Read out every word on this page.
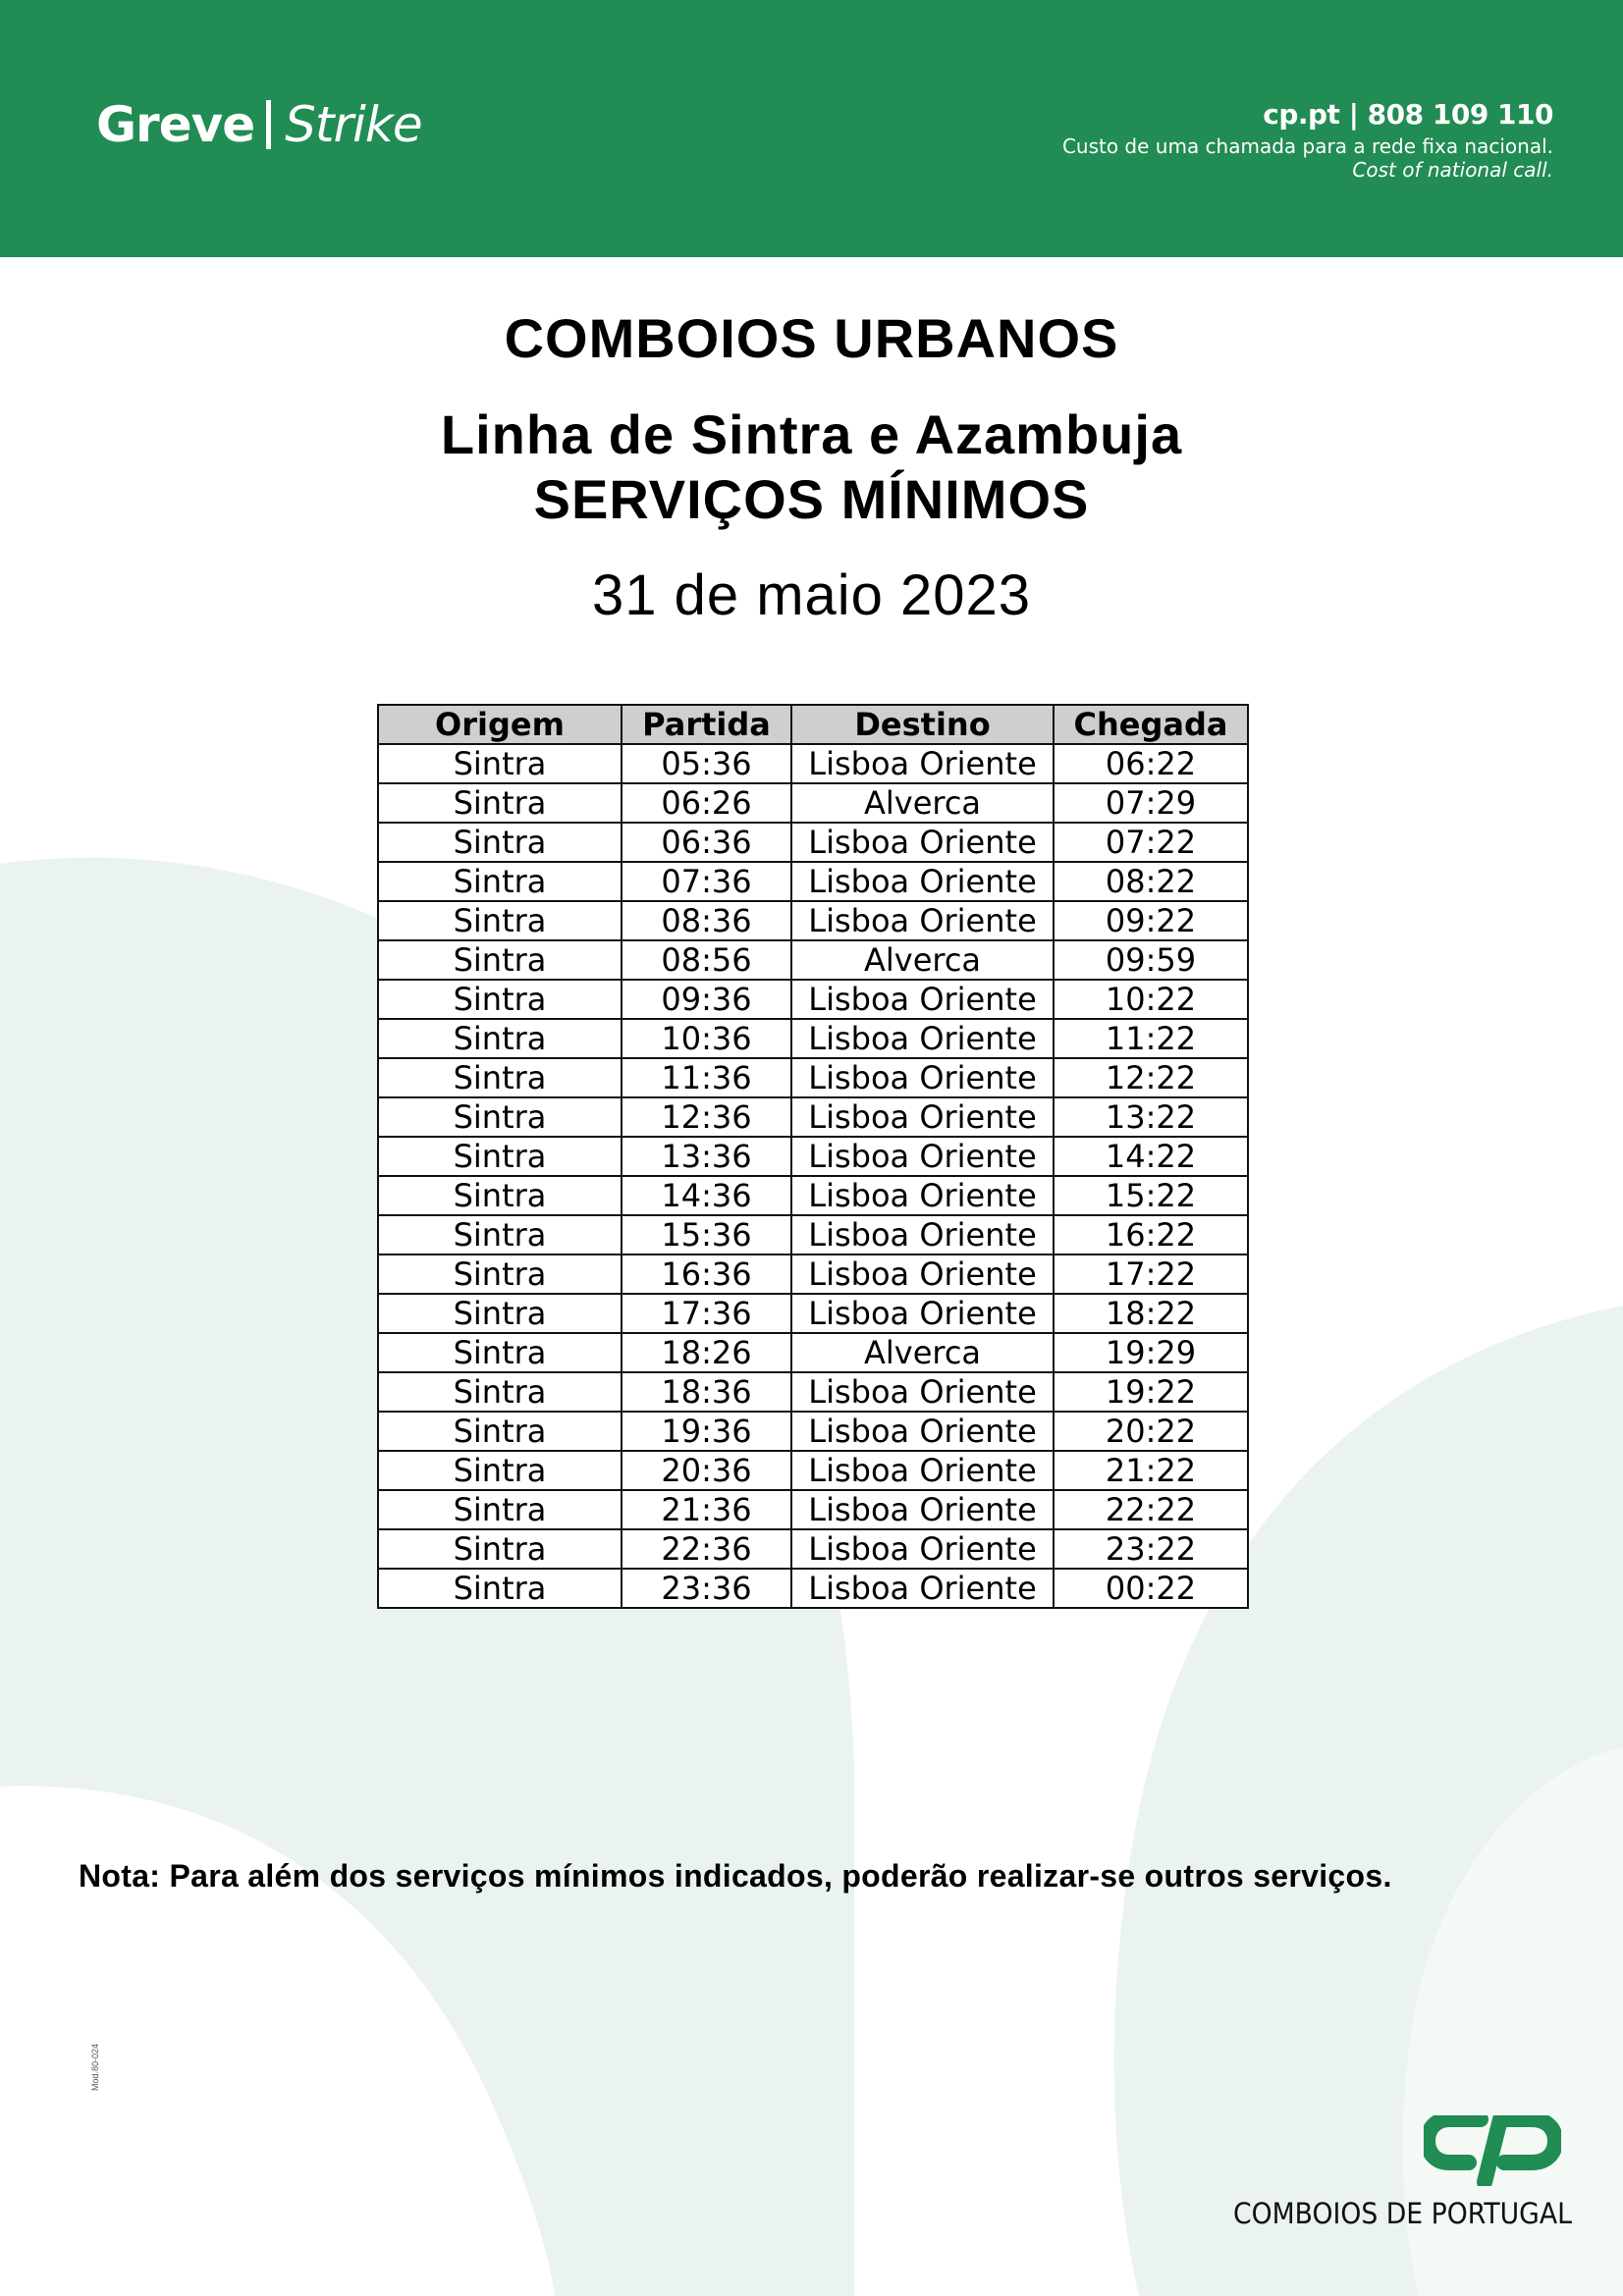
Greve Strike	cp.pt | 808 109 110
Custo de uma chamada para a rede fixa nacional.
Cost of national call.
COMBOIOS URBANOS
Linha de Sintra e Azambuja
SERVIÇOS MÍNIMOS
31 de maio 2023
Origem	Partida	Destino	Chegada
Sintra	05:36	Lisboa Oriente	06:22
Sintra	06:26	Alverca	07:29
Sintra	06:36	Lisboa Oriente	07:22
Sintra	07:36	Lisboa Oriente	08:22
Sintra	08:36	Lisboa Oriente	09:22
Sintra	08:56	Alverca	09:59
Sintra	09:36	Lisboa Oriente	10:22
Sintra	10:36	Lisboa Oriente	11:22
Sintra	11:36	Lisboa Oriente	12:22
Sintra	12:36	Lisboa Oriente	13:22
Sintra	13:36	Lisboa Oriente	14:22
Sintra	14:36	Lisboa Oriente	15:22
Sintra	15:36	Lisboa Oriente	16:22
Sintra	16:36	Lisboa Oriente	17:22
Sintra	17:36	Lisboa Oriente	18:22
Sintra	18:26	Alverca	19:29
Sintra	18:36	Lisboa Oriente	19:22
Sintra	19:36	Lisboa Oriente	20:22
Sintra	20:36	Lisboa Oriente	21:22
Sintra	21:36	Lisboa Oriente	22:22
Sintra	22:36	Lisboa Oriente	23:22
Sintra	23:36	Lisboa Oriente	00:22
Nota: Para além dos serviços mínimos indicados, poderão realizar-se outros serviços.
Mod.80-024
COMBOIOS DE PORTUGAL
